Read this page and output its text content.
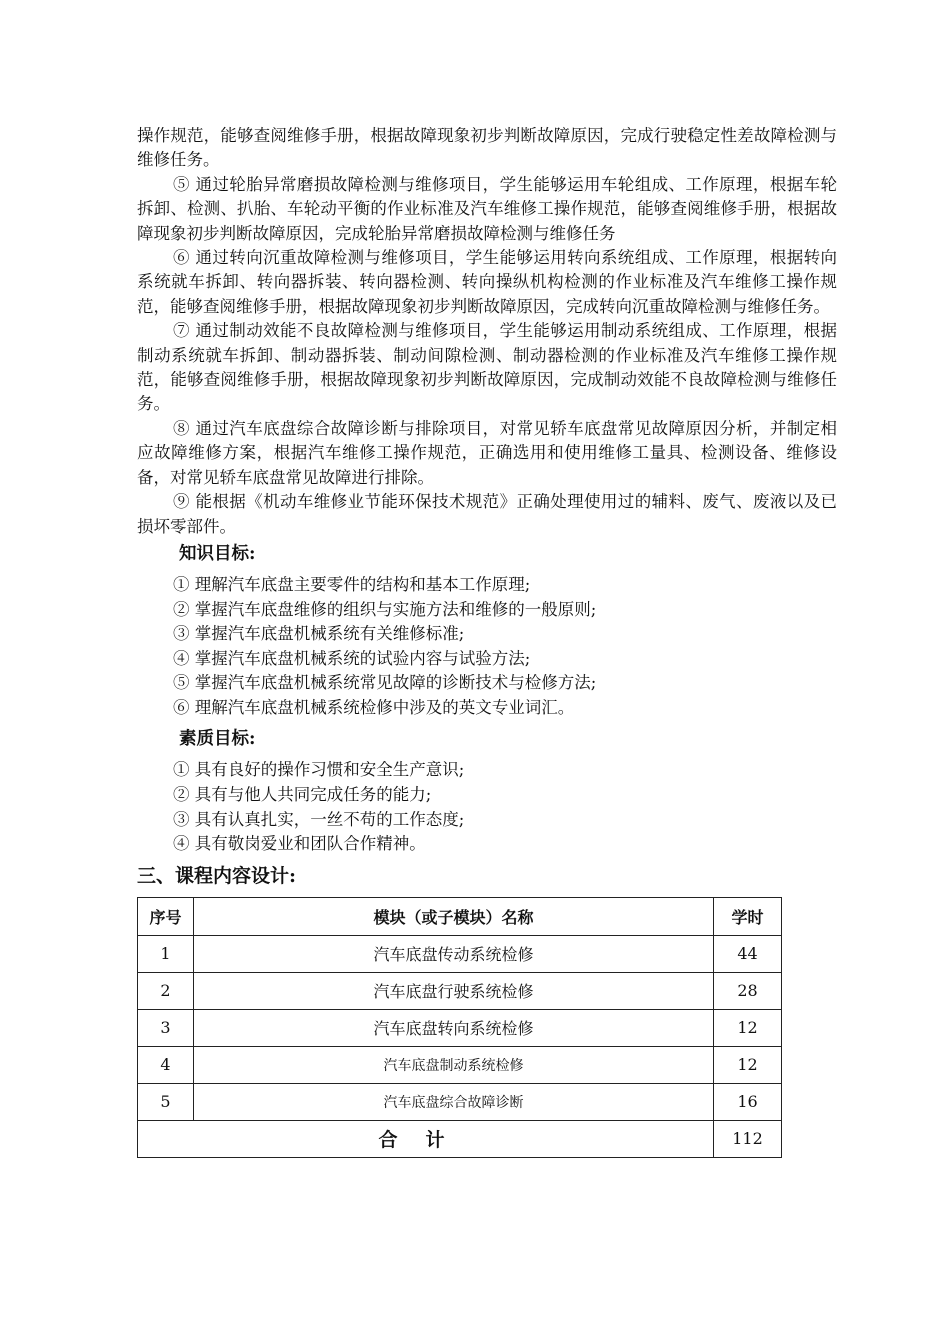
操作规范，能够查阅维修手册，根据故障现象初步判断故障原因，完成行驶稳定性差故障检测与维修任务。

⑤ 通过轮胎异常磨损故障检测与维修项目，学生能够运用车轮组成、工作原理，根据车轮拆卸、检测、扒胎、车轮动平衡的作业标准及汽车维修工操作规范，能够查阅维修手册，根据故障现象初步判断故障原因，完成轮胎异常磨损故障检测与维修任务

⑥ 通过转向沉重故障检测与维修项目，学生能够运用转向系统组成、工作原理，根据转向系统就车拆卸、转向器拆装、转向器检测、转向操纵机构检测的作业标准及汽车维修工操作规范，能够查阅维修手册，根据故障现象初步判断故障原因，完成转向沉重故障检测与维修任务。

⑦ 通过制动效能不良故障检测与维修项目，学生能够运用制动系统组成、工作原理，根据制动系统就车拆卸、制动器拆装、制动间隙检测、制动器检测的作业标准及汽车维修工操作规范，能够查阅维修手册，根据故障现象初步判断故障原因，完成制动效能不良故障检测与维修任务。

⑧ 通过汽车底盘综合故障诊断与排除项目，对常见轿车底盘常见故障原因分析，并制定相应故障维修方案，根据汽车维修工操作规范，正确选用和使用维修工量具、检测设备、维修设备，对常见轿车底盘常见故障进行排除。

⑨ 能根据《机动车维修业节能环保技术规范》正确处理使用过的辅料、废气、废液以及已损坏零部件。

知识目标:
① 理解汽车底盘主要零件的结构和基本工作原理;
② 掌握汽车底盘维修的组织与实施方法和维修的一般原则;
③ 掌握汽车底盘机械系统有关维修标准;
④ 掌握汽车底盘机械系统的试验内容与试验方法;
⑤ 掌握汽车底盘机械系统常见故障的诊断技术与检修方法;
⑥ 理解汽车底盘机械系统检修中涉及的英文专业词汇。
素质目标:
① 具有良好的操作习惯和安全生产意识;
② 具有与他人共同完成任务的能力;
③ 具有认真扎实，一丝不苟的工作态度;
④ 具有敬岗爱业和团队合作精神。
三、课程内容设计:
序号	模块（或子模块）名称	学时
1	汽车底盘传动系统检修	44
2	汽车底盘行驶系统检修	28
3	汽车底盘转向系统检修	12
4	汽车底盘制动系统检修	12
5	汽车底盘综合故障诊断	16
合计		112
